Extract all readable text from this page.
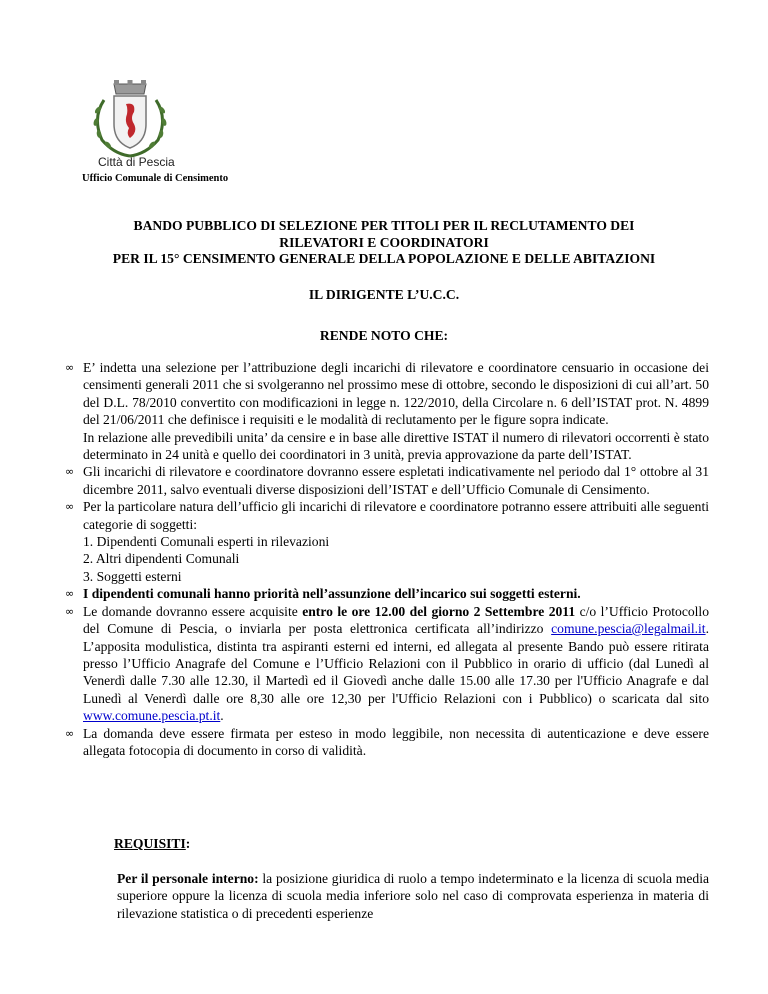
Città di Pescia
Ufficio Comunale di Censimento
BANDO PUBBLICO DI SELEZIONE PER TITOLI PER IL RECLUTAMENTO DEI
RILEVATORI E COORDINATORI
PER IL 15° CENSIMENTO GENERALE DELLA POPOLAZIONE E DELLE ABITAZIONI
IL DIRIGENTE L’U.C.C.
RENDE NOTO CHE:
∞ E’ indetta una selezione per l’attribuzione degli incarichi di rilevatore e coordinatore censuario in occasione dei censimenti generali 2011 che si svolgeranno nel prossimo mese di ottobre, secondo le disposizioni di cui all’art. 50 del D.L. 78/2010 convertito con modificazioni in legge n. 122/2010, della Circolare n. 6 dell’ISTAT prot. N. 4899 del 21/06/2011 che definisce i requisiti e le modalità di reclutamento per le figure sopra indicate.
In relazione alle prevedibili unita’ da censire e in base alle direttive ISTAT il numero di rilevatori occorrenti è stato determinato in 24 unità e quello dei coordinatori in 3 unità, previa approvazione da parte dell’ISTAT.
∞ Gli incarichi di rilevatore e coordinatore dovranno essere espletati indicativamente nel periodo dal 1° ottobre al 31 dicembre 2011, salvo eventuali diverse disposizioni dell’ISTAT e dell’Ufficio Comunale di Censimento.
∞ Per la particolare natura dell’ufficio gli incarichi di rilevatore e coordinatore potranno essere attribuiti alle seguenti categorie di soggetti:
1. Dipendenti Comunali esperti in rilevazioni
2. Altri dipendenti Comunali
3. Soggetti esterni
∞ I dipendenti comunali hanno priorità nell’assunzione dell’incarico sui soggetti esterni.
∞ Le domande dovranno essere acquisite entro le ore 12.00 del giorno 2 Settembre 2011 c/o l’Ufficio Protocollo del Comune di Pescia, o inviarla per posta elettronica certificata all’indirizzo comune.pescia@legalmail.it. L’apposita modulistica, distinta tra aspiranti esterni ed interni, ed allegata al presente Bando può essere ritirata presso l’Ufficio Anagrafe del Comune e l’Ufficio Relazioni con il Pubblico in orario di ufficio (dal Lunedì al Venerdì dalle 7.30 alle 12.30, il Martedì ed il Giovedì anche dalle 15.00 alle 17.30 per l'Ufficio Anagrafe e dal Lunedì al Venerdì dalle ore 8,30 alle ore 12,30 per l'Ufficio Relazioni con i Pubblico) o scaricata dal sito www.comune.pescia.pt.it.
∞ La domanda deve essere firmata per esteso in modo leggibile, non necessita di autenticazione e deve essere allegata fotocopia di documento in corso di validità.
REQUISITI:
Per il personale interno: la posizione giuridica di ruolo a tempo indeterminato e la licenza di scuola media superiore oppure la licenza di scuola media inferiore solo nel caso di comprovata esperienza in materia di rilevazione statistica o di precedenti esperienze
